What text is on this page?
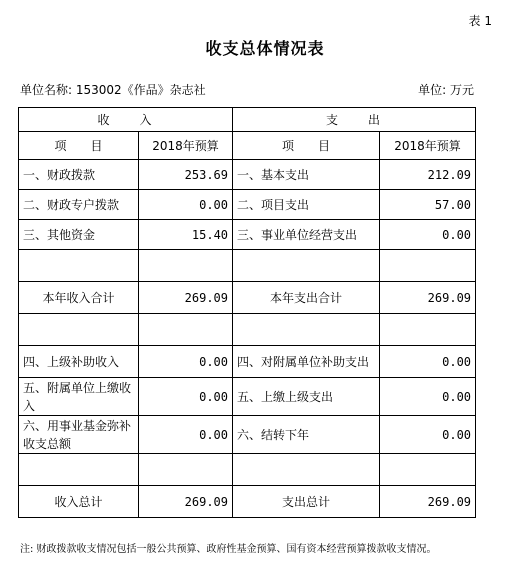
表 1
收支总体情况表
单位名称: 153002《作品》杂志社	单位: 万元
收　　入		支　　出	
项　　目	2018年预算	项　　目	2018年预算
一、财政拨款	253.69	一、基本支出	212.09
二、财政专户拨款	0.00	二、项目支出	57.00
三、其他资金	15.40	三、事业单位经营支出	0.00

本年收入合计	269.09	本年支出合计	269.09

四、上级补助收入	0.00	四、对附属单位补助支出	0.00
五、附属单位上缴收入	0.00	五、上缴上级支出	0.00
六、用事业基金弥补收支总额	0.00	六、结转下年	0.00

收入总计	269.09	支出总计	269.09
注: 财政拨款收支情况包括一般公共预算、政府性基金预算、国有资本经营预算拨款收支情况。
